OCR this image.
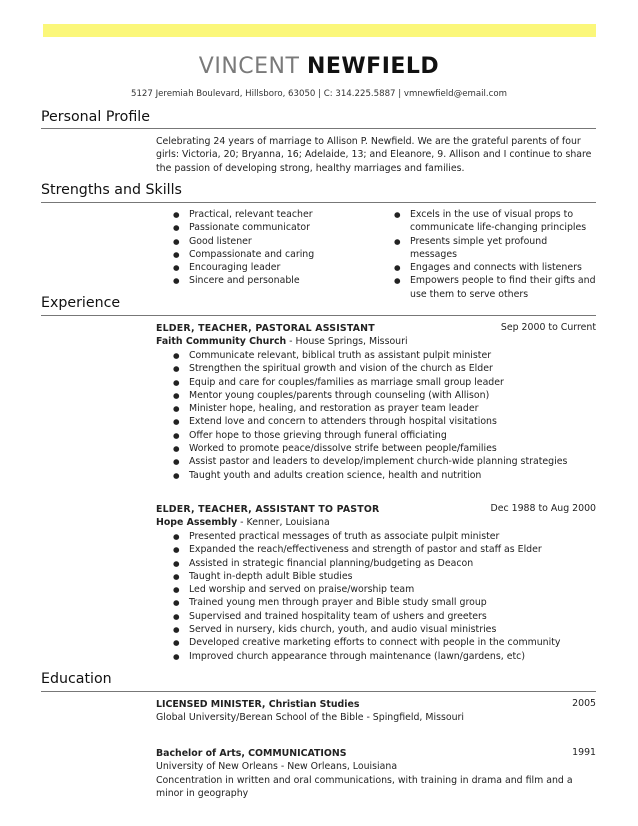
VINCENT NEWFIELD
5127 Jeremiah Boulevard, Hillsboro, 63050 | C: 314.225.5887 | vmnewfield@email.com
Personal Profile
Celebrating 24 years of marriage to Allison P. Newfield. We are the grateful parents of four
girls: Victoria, 20; Bryanna, 16; Adelaide, 13; and Eleanore, 9. Allison and I continue to share
the passion of developing strong, healthy marriages and families.
Strengths and Skills
● Practical, relevant teacher
● Passionate communicator
● Good listener
● Compassionate and caring
● Encouraging leader
● Sincere and personable
● Excels in the use of visual props to communicate life-changing principles
● Presents simple yet profound messages
● Engages and connects with listeners
● Empowers people to find their gifts and use them to serve others
Experience
ELDER, TEACHER, PASTORAL ASSISTANT
Faith Community Church - House Springs, Missouri
Sep 2000 to Current
● Communicate relevant, biblical truth as assistant pulpit minister
● Strengthen the spiritual growth and vision of the church as Elder
● Equip and care for couples/families as marriage small group leader
● Mentor young couples/parents through counseling (with Allison)
● Minister hope, healing, and restoration as prayer team leader
● Extend love and concern to attenders through hospital visitations
● Offer hope to those grieving through funeral officiating
● Worked to promote peace/dissolve strife between people/families
● Assist pastor and leaders to develop/implement church-wide planning strategies
● Taught youth and adults creation science, health and nutrition
ELDER, TEACHER, ASSISTANT TO PASTOR
Hope Assembly - Kenner, Louisiana
Dec 1988 to Aug 2000
● Presented practical messages of truth as associate pulpit minister
● Expanded the reach/effectiveness and strength of pastor and staff as Elder
● Assisted in strategic financial planning/budgeting as Deacon
● Taught in-depth adult Bible studies
● Led worship and served on praise/worship team
● Trained young men through prayer and Bible study small group
● Supervised and trained hospitality team of ushers and greeters
● Served in nursery, kids church, youth, and audio visual ministries
● Developed creative marketing efforts to connect with people in the community
● Improved church appearance through maintenance (lawn/gardens, etc)
Education
LICENSED MINISTER, Christian Studies
Global University/Berean School of the Bible - Spingfield, Missouri
2005
Bachelor of Arts, COMMUNICATIONS
University of New Orleans - New Orleans, Louisiana
Concentration in written and oral communications, with training in drama and film and a minor in geography
1991
